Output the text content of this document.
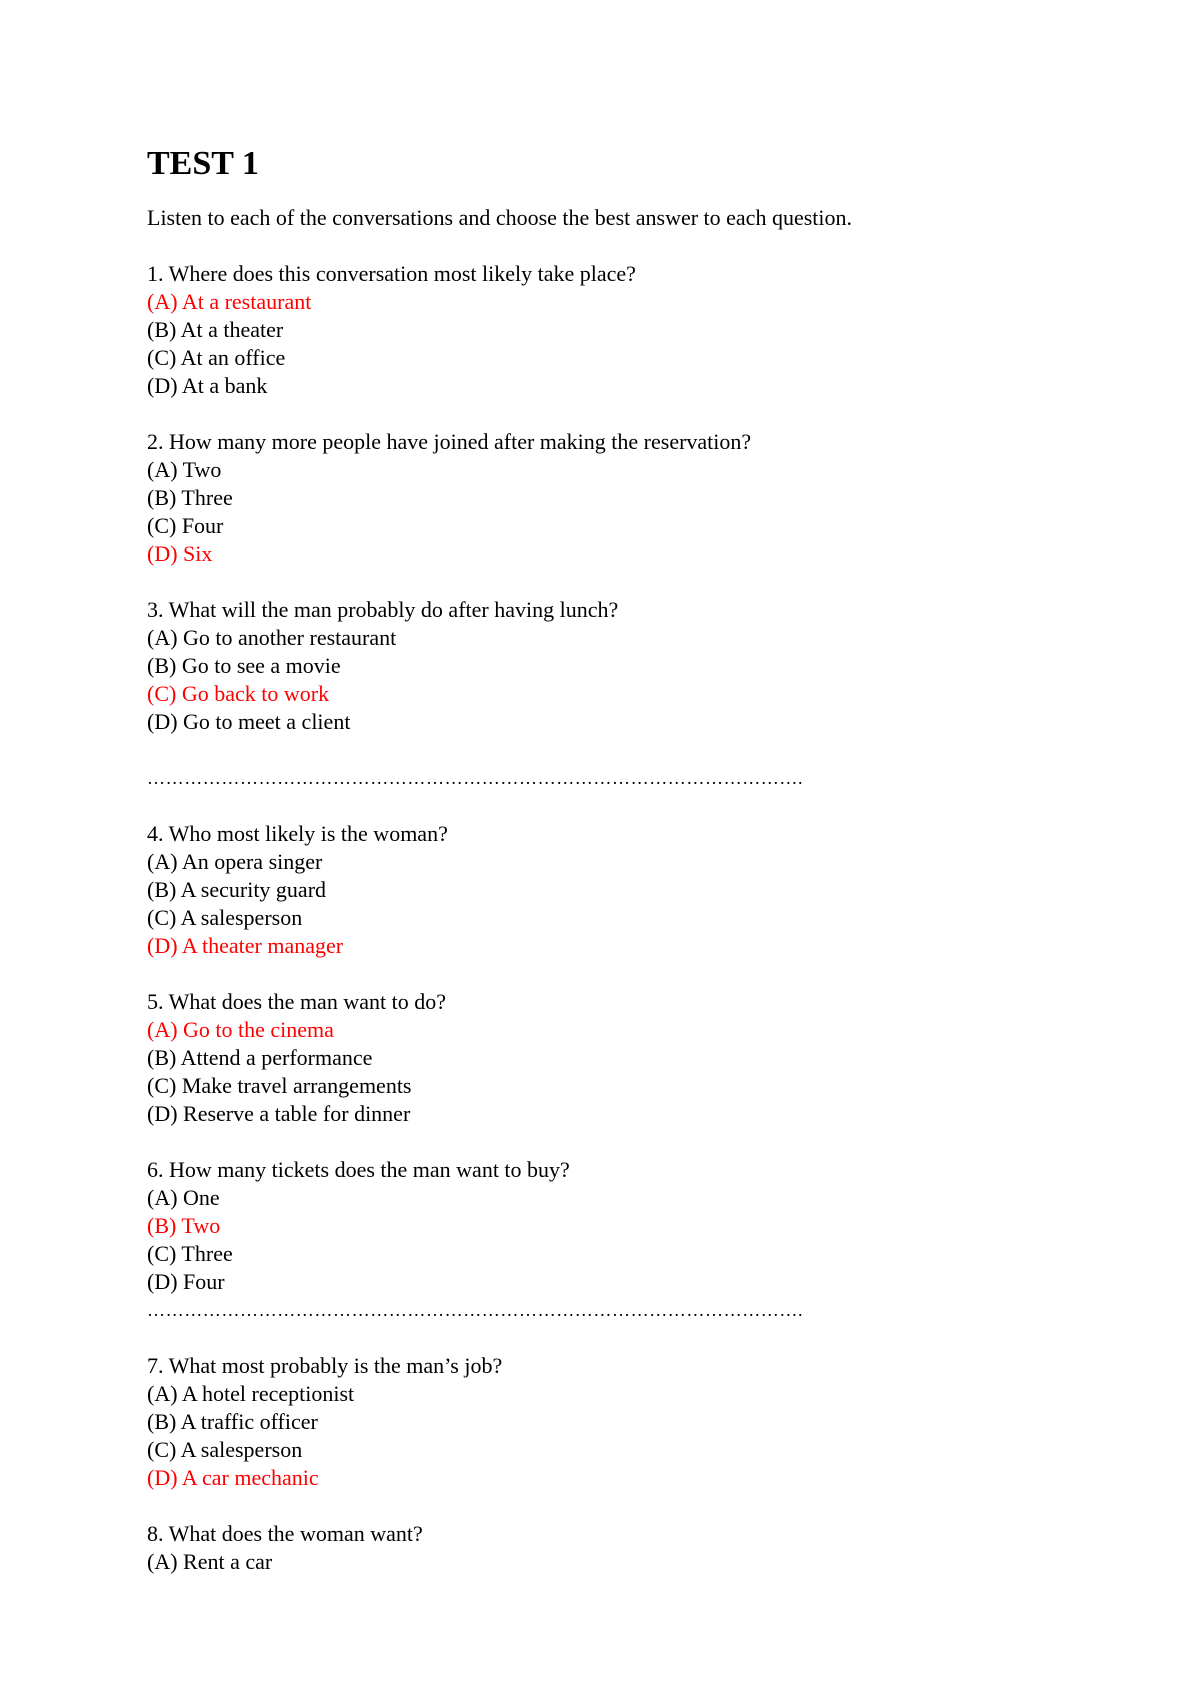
TEST 1
Listen to each of the conversations and choose the best answer to each question.
1. Where does this conversation most likely take place?
(A) At a restaurant
(B) At a theater
(C) At an office
(D) At a bank
2. How many more people have joined after making the reservation?
(A) Two
(B) Three
(C) Four
(D) Six
3. What will the man probably do after having lunch?
(A) Go to another restaurant
(B) Go to see a movie
(C) Go back to work
(D) Go to meet a client
…………………………………………………………………………………………….
4. Who most likely is the woman?
(A) An opera singer
(B) A security guard
(C) A salesperson
(D) A theater manager
5. What does the man want to do?
(A) Go to the cinema
(B) Attend a performance
(C) Make travel arrangements
(D) Reserve a table for dinner
6. How many tickets does the man want to buy?
(A) One
(B) Two
(C) Three
(D) Four
…………………………………………………………………………………………….
7. What most probably is the man’s job?
(A) A hotel receptionist
(B) A traffic officer
(C) A salesperson
(D) A car mechanic
8. What does the woman want?
(A) Rent a car
